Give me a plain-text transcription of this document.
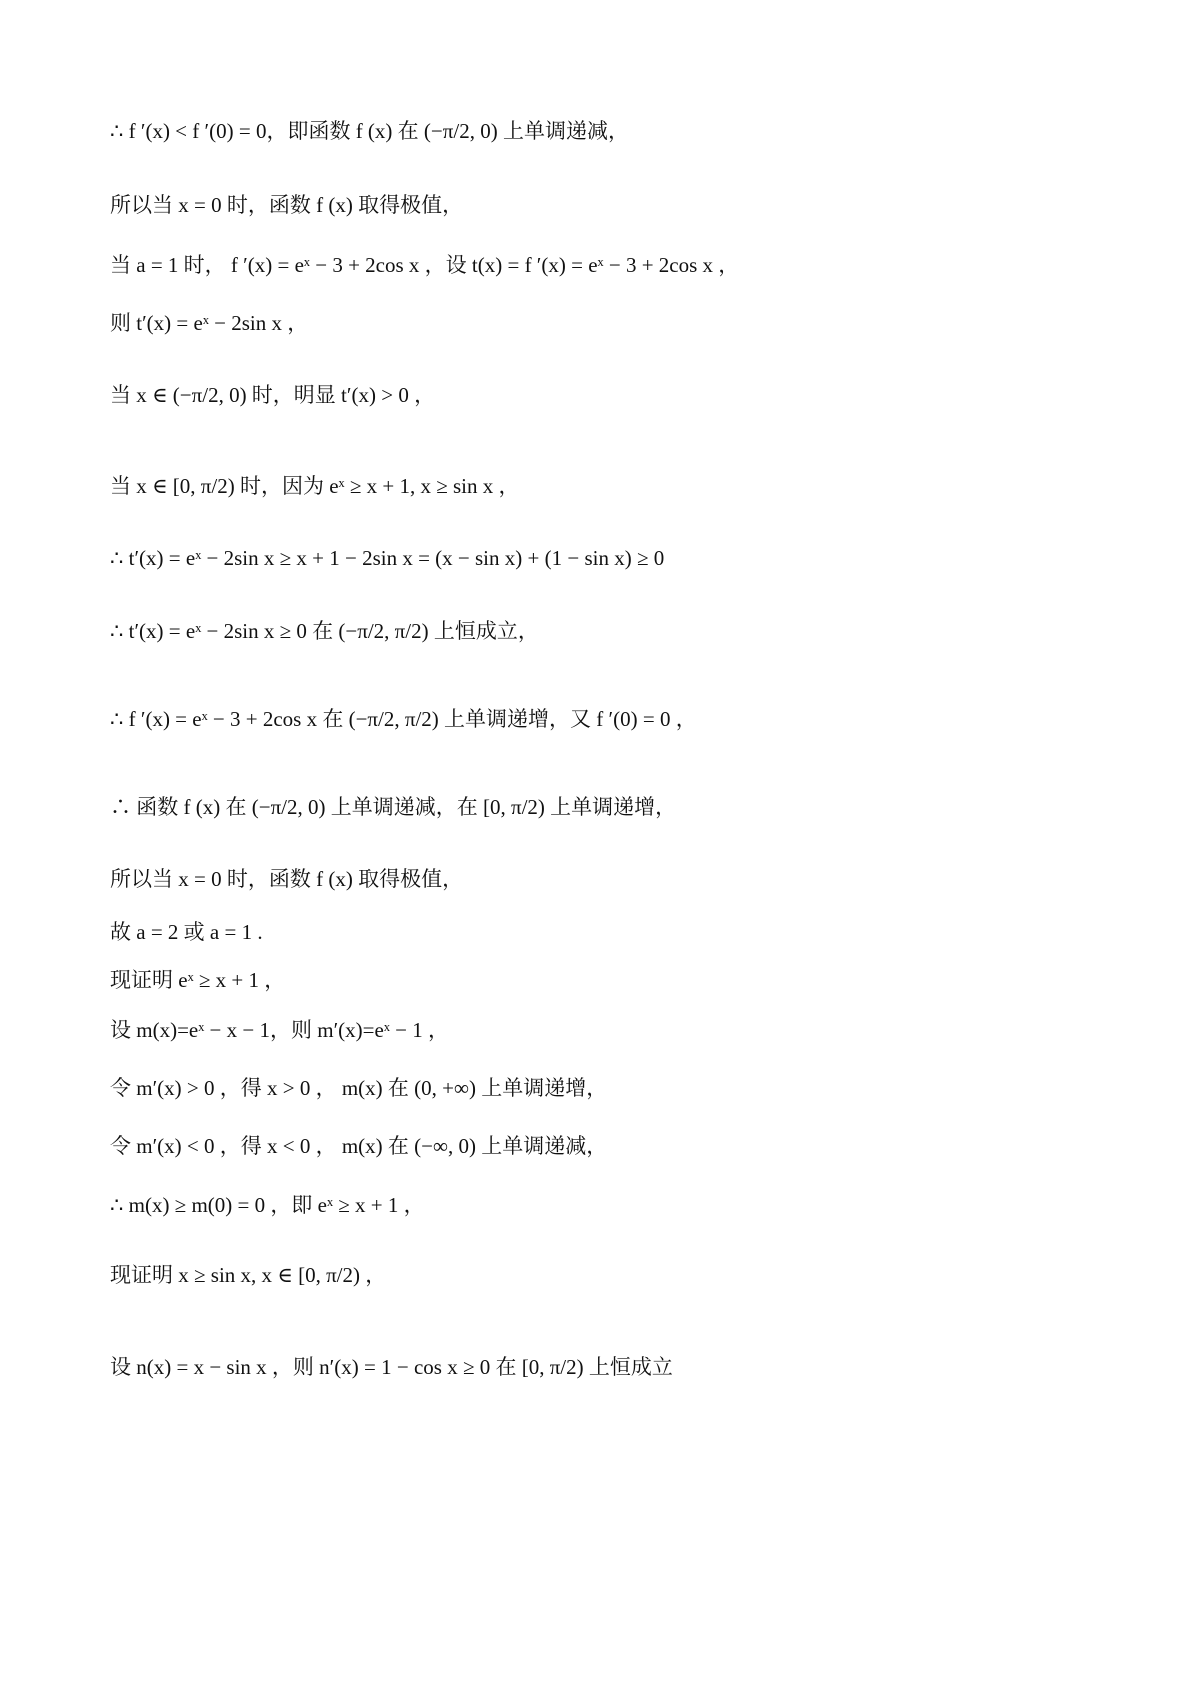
∴ f ′(x) < f ′(0) = 0，即函数 f (x) 在 (−π/2, 0) 上单调递减，
所以当 x = 0 时，函数 f (x) 取得极值，
当 a = 1 时， f ′(x) = eˣ − 3 + 2cos x ，设 t(x) = f ′(x) = eˣ − 3 + 2cos x ，
则 t′(x) = eˣ − 2sin x ，
当 x ∈ (−π/2, 0) 时，明显 t′(x) > 0 ，
当 x ∈ [0, π/2) 时，因为 eˣ ≥ x + 1, x ≥ sin x ，
∴ t′(x) = eˣ − 2sin x ≥ x + 1 − 2sin x = (x − sin x) + (1 − sin x) ≥ 0
∴ t′(x) = eˣ − 2sin x ≥ 0 在 (−π/2, π/2) 上恒成立，
∴ f ′(x) = eˣ − 3 + 2cos x 在 (−π/2, π/2) 上单调递增，又 f ′(0) = 0 ，
∴ 函数 f (x) 在 (−π/2, 0) 上单调递减，在 [0, π/2) 上单调递增，
所以当 x = 0 时，函数 f (x) 取得极值，
故 a = 2 或 a = 1 .
现证明 eˣ ≥ x + 1 ，
设 m(x)=eˣ − x − 1，则 m′(x)=eˣ − 1 ，
令 m′(x) > 0 ，得 x > 0 ， m(x) 在 (0, +∞) 上单调递增，
令 m′(x) < 0 ，得 x < 0 ， m(x) 在 (−∞, 0) 上单调递减，
∴ m(x) ≥ m(0) = 0 ，即 eˣ ≥ x + 1 ，
现证明 x ≥ sin x, x ∈ [0, π/2) ，
设 n(x) = x − sin x ，则 n′(x) = 1 − cos x ≥ 0 在 [0, π/2) 上恒成立
